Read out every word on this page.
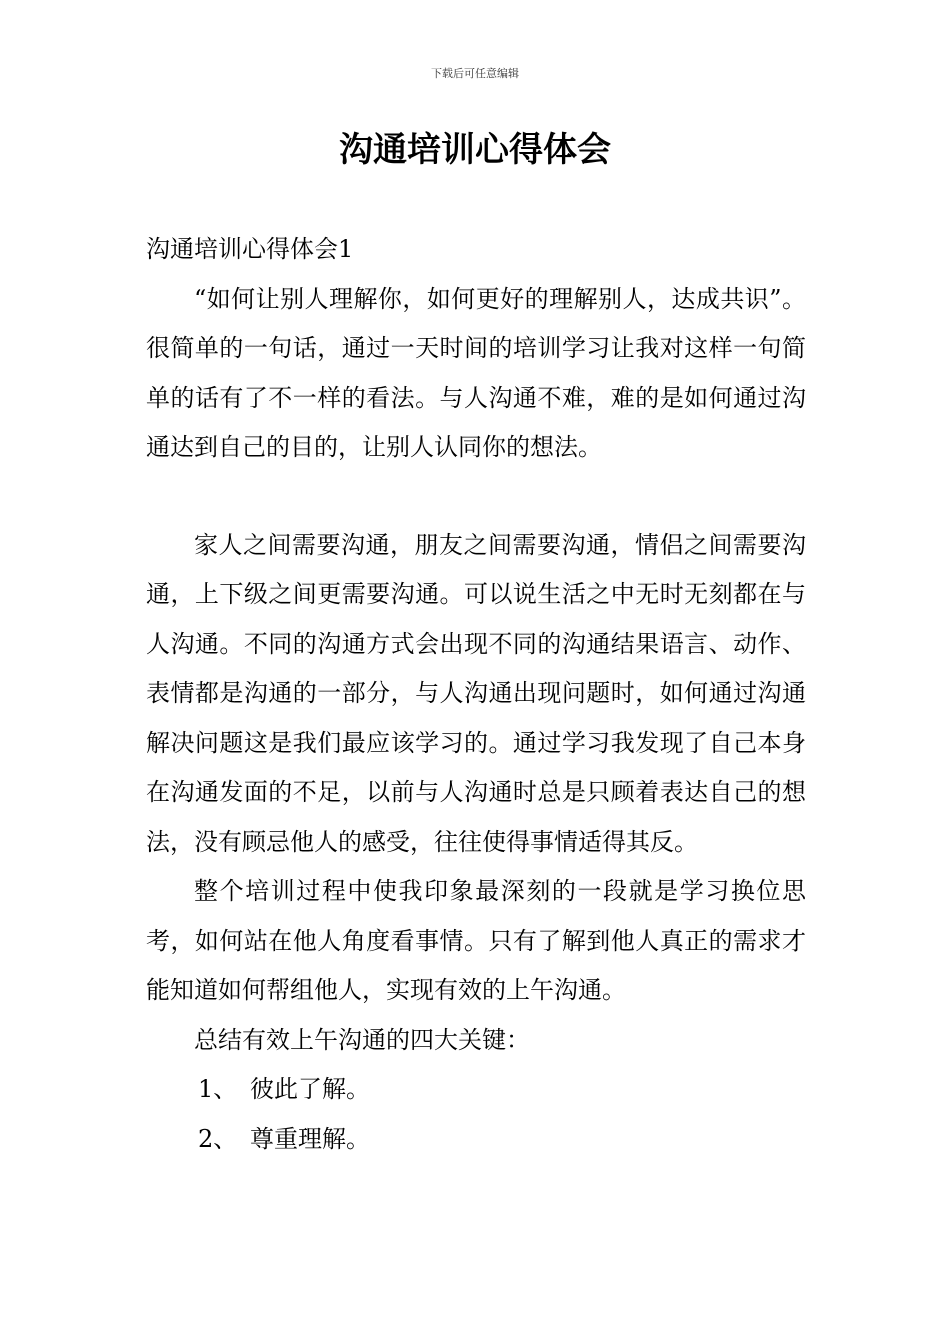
下载后可任意编辑
沟通培训心得体会

沟通培训心得体会1

“如何让别人理解你，如何更好的理解别人，达成共识”。很简单的一句话，通过一天时间的培训学习让我对这样一句简单的话有了不一样的看法。与人沟通不难，难的是如何通过沟通达到自己的目的，让别人认同你的想法。

家人之间需要沟通，朋友之间需要沟通，情侣之间需要沟通，上下级之间更需要沟通。可以说生活之中无时无刻都在与人沟通。不同的沟通方式会出现不同的沟通结果语言、动作、表情都是沟通的一部分，与人沟通出现问题时，如何通过沟通解决问题这是我们最应该学习的。通过学习我发现了自己本身在沟通发面的不足，以前与人沟通时总是只顾着表达自己的想法，没有顾忌他人的感受，往往使得事情适得其反。

整个培训过程中使我印象最深刻的一段就是学习换位思考，如何站在他人角度看事情。只有了解到他人真正的需求才能知道如何帮组他人，实现有效的上午沟通。

总结有效上午沟通的四大关键：

1、 彼此了解。
2、 尊重理解。
